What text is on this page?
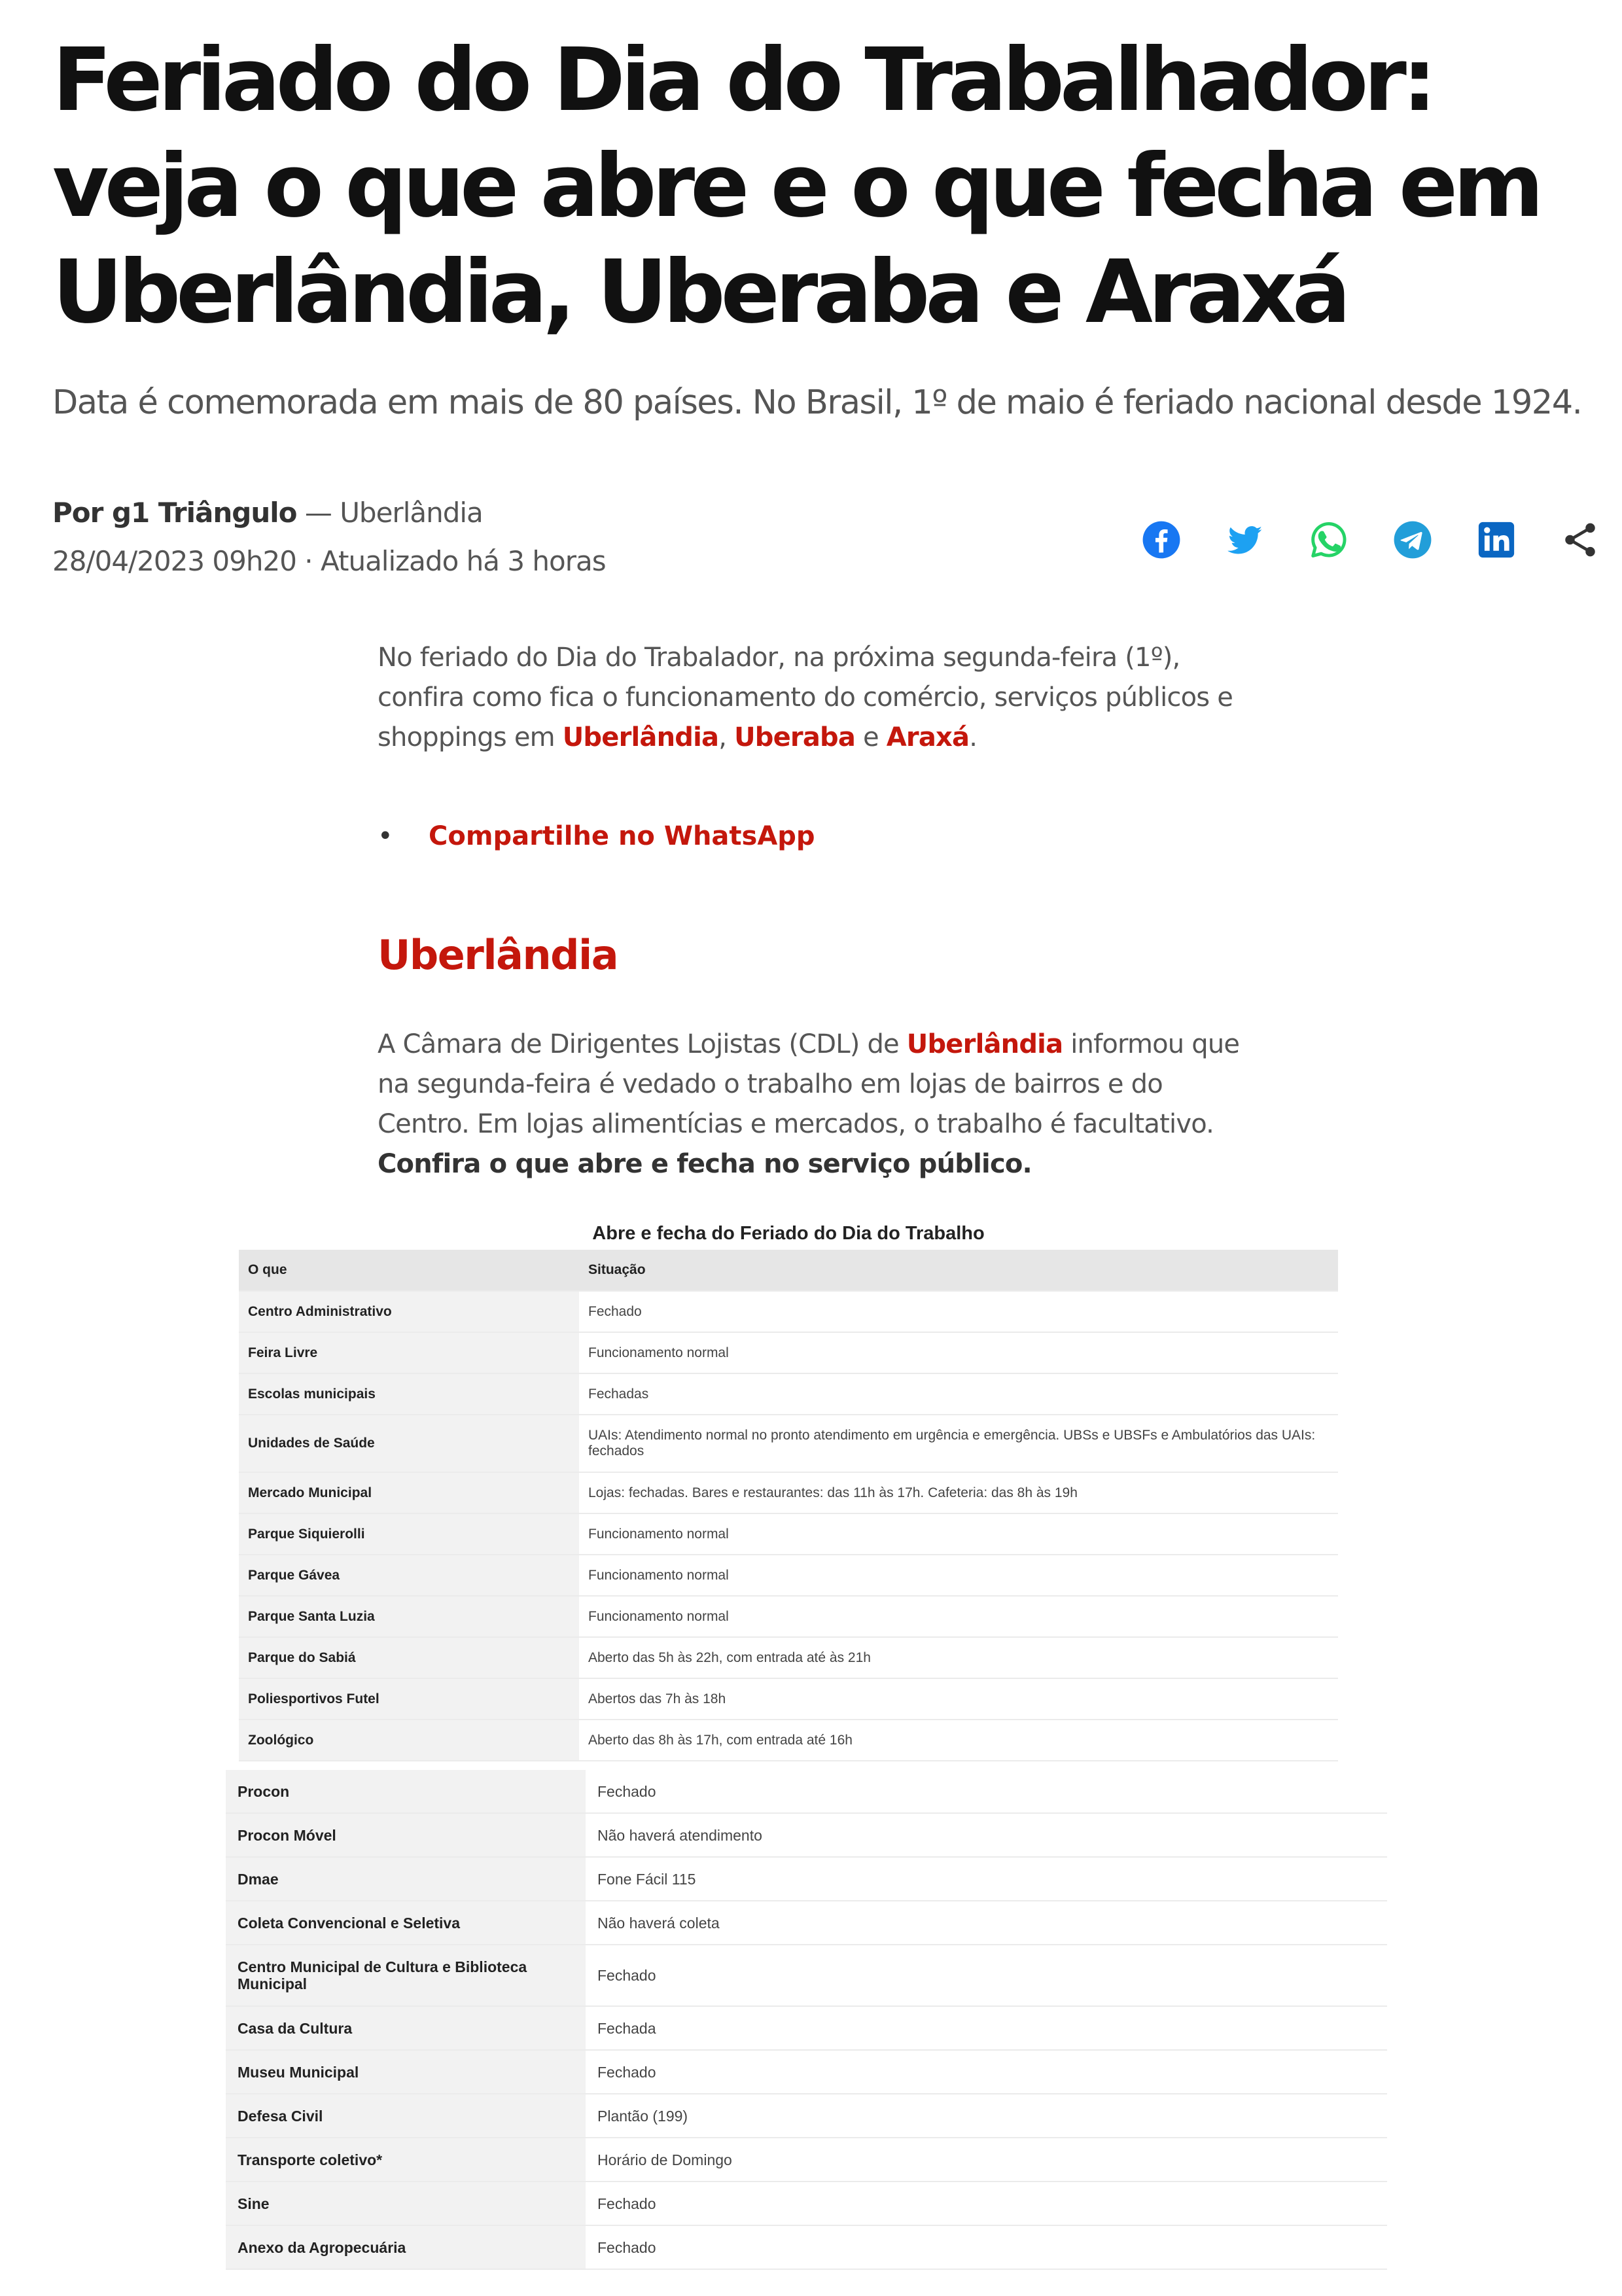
Feriado do Dia do Trabalhador: veja o que abre e o que fecha em Uberlândia, Uberaba e Araxá

Data é comemorada em mais de 80 países. No Brasil, 1º de maio é feriado nacional desde 1924.

Por g1 Triângulo — Uberlândia
28/04/2023 09h20 · Atualizado há 3 horas

No feriado do Dia do Trabalador, na próxima segunda-feira (1º), confira como fica o funcionamento do comércio, serviços públicos e shoppings em Uberlândia, Uberaba e Araxá.

•	Compartilhe no WhatsApp
Uberlândia

A Câmara de Dirigentes Lojistas (CDL) de Uberlândia informou que na segunda-feira é vedado o trabalho em lojas de bairros e do Centro. Em lojas alimentícias e mercados, o trabalho é facultativo. Confira o que abre e fecha no serviço público.

Abre e fecha do Feriado do Dia do Trabalho
O que	Situação
Centro Administrativo	Fechado
Feira Livre	Funcionamento normal
Escolas municipais	Fechadas
Unidades de Saúde	UAIs: Atendimento normal no pronto atendimento em urgência e emergência. UBSs e UBSFs e Ambulatórios das UAIs: fechados
Mercado Municipal	Lojas: fechadas. Bares e restaurantes: das 11h às 17h. Cafeteria: das 8h às 19h
Parque Siquierolli	Funcionamento normal
Parque Gávea	Funcionamento normal
Parque Santa Luzia	Funcionamento normal
Parque do Sabiá	Aberto das 5h às 22h, com entrada até às 21h
Poliesportivos Futel	Abertos das 7h às 18h
Zoológico	Aberto das 8h às 17h, com entrada até 16h
Procon	Fechado
Procon Móvel	Não haverá atendimento
Dmae	Fone Fácil 115
Coleta Convencional e Seletiva	Não haverá coleta
Centro Municipal de Cultura e Biblioteca Municipal	Fechado
Casa da Cultura	Fechada
Museu Municipal	Fechado
Defesa Civil	Plantão (199)
Transporte coletivo*	Horário de Domingo
Sine	Fechado
Anexo da Agropecuária	Fechado
